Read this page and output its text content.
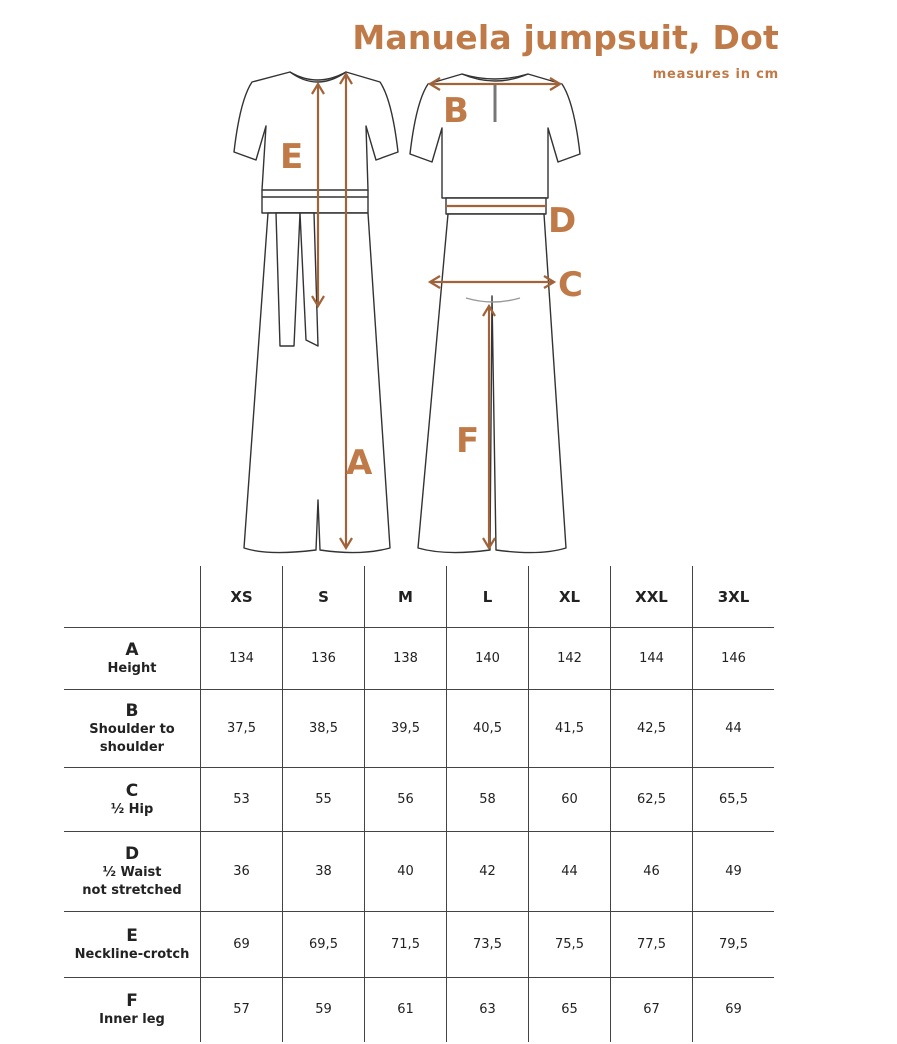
Manuela jumpsuit, Dot
measures in cm
E
B
D
C
A
F
	XS	S	M	L	XL	XXL	3XL

A
Height	134	136	138	140	142	144	146

B
Shoulder to
shoulder	37,5	38,5	39,5	40,5	41,5	42,5	44

C
½ Hip	53	55	56	58	60	62,5	65,5

D
½ Waist
not stretched	36	38	40	42	44	46	49

E
Neckline-crotch	69	69,5	71,5	73,5	75,5	77,5	79,5

F
Inner leg	57	59	61	63	65	67	69
